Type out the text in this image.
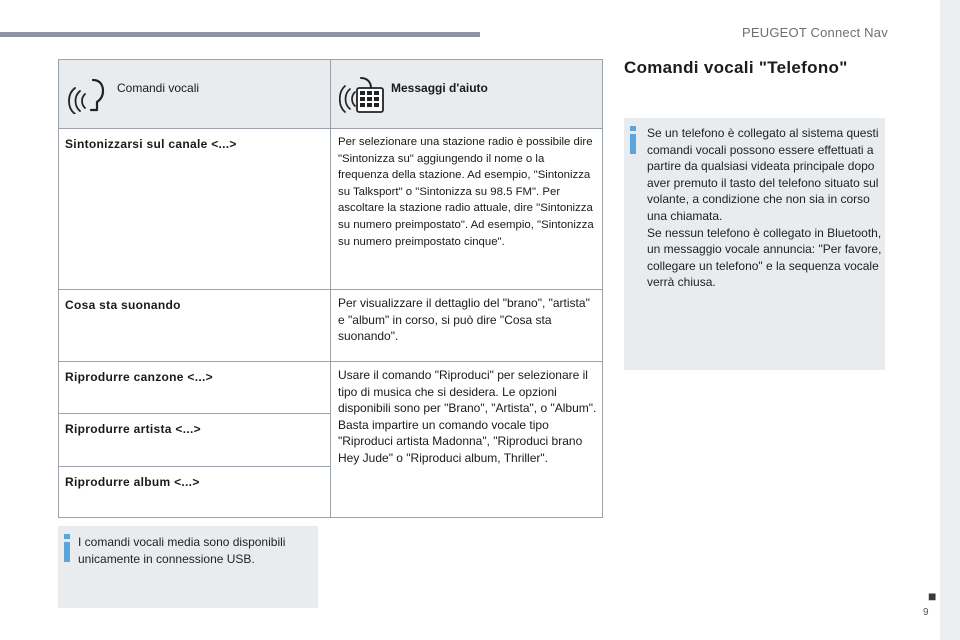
PEUGEOT Connect Nav
Comandi vocali	Messaggi d'aiuto

Sintonizzarsi sul canale <...>	Per selezionare una stazione radio è possibile dire "Sintonizza su" aggiungendo il nome o la frequenza della stazione. Ad esempio, "Sintonizza su Talksport" o "Sintonizza su 98.5 FM". Per ascoltare la stazione radio attuale, dire "Sintonizza su numero preimpostato". Ad esempio, "Sintonizza su numero preimpostato cinque".

Cosa sta suonando	Per visualizzare il dettaglio del "brano", "artista" e "album" in corso, si può dire "Cosa sta suonando".

Riprodurre canzone <...>	Usare il comando "Riproduci" per selezionare il tipo di musica che si desidera. Le opzioni disponibili sono per "Brano", "Artista", o "Album". Basta impartire un comando vocale tipo "Riproduci artista Madonna", "Riproduci brano Hey Jude" o "Riproduci album, Thriller".

Riprodurre artista <...>	

Riprodurre album <...>	
I comandi vocali media sono disponibili unicamente in connessione USB.
Comandi vocali "Telefono"

Se un telefono è collegato al sistema questi comandi vocali possono essere effettuati a partire da qualsiasi videata principale dopo aver premuto il tasto del telefono situato sul volante, a condizione che non sia in corso una chiamata.

Se nessun telefono è collegato in Bluetooth, un messaggio vocale annuncia: "Per favore, collegare un telefono" e la sequenza vocale verrà chiusa.

■
9
